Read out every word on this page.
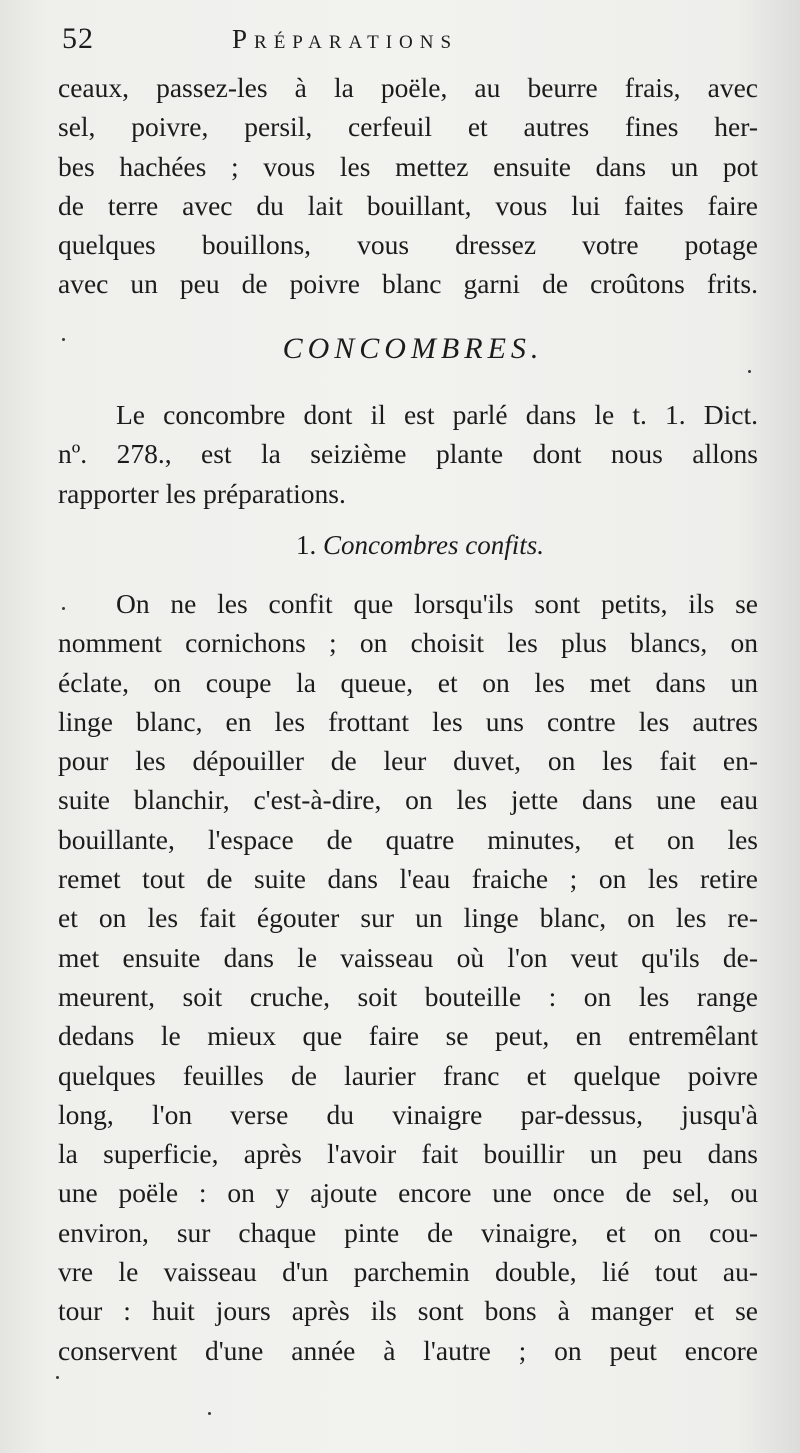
52	Préparations
ceaux, passez-les à la poële, au beurre frais, avec
sel, poivre, persil, cerfeuil et autres fines her-
bes hachées ; vous les mettez ensuite dans un pot
de terre avec du lait bouillant, vous lui faites faire
quelques bouillons, vous dressez votre potage
avec un peu de poivre blanc garni de croûtons frits.
CONCOMBRES.
Le concombre dont il est parlé dans le t. 1. Dict.
nº. 278., est la seizième plante dont nous allons
rapporter les préparations.
1. Concombres confits.
On ne les confit que lorsqu'ils sont petits, ils se
nomment cornichons ; on choisit les plus blancs, on
éclate, on coupe la queue, et on les met dans un
linge blanc, en les frottant les uns contre les autres
pour les dépouiller de leur duvet, on les fait en-
suite blanchir, c'est-à-dire, on les jette dans une eau
bouillante, l'espace de quatre minutes, et on les
remet tout de suite dans l'eau fraiche ; on les retire
et on les fait égouter sur un linge blanc, on les re-
met ensuite dans le vaisseau où l'on veut qu'ils de-
meurent, soit cruche, soit bouteille : on les range
dedans le mieux que faire se peut, en entremêlant
quelques feuilles de laurier franc et quelque poivre
long, l'on verse du vinaigre par-dessus, jusqu'à
la superficie, après l'avoir fait bouillir un peu dans
une poële : on y ajoute encore une once de sel, ou
environ, sur chaque pinte de vinaigre, et on cou-
vre le vaisseau d'un parchemin double, lié tout au-
tour : huit jours après ils sont bons à manger et se
conservent d'une année à l'autre ; on peut encore
